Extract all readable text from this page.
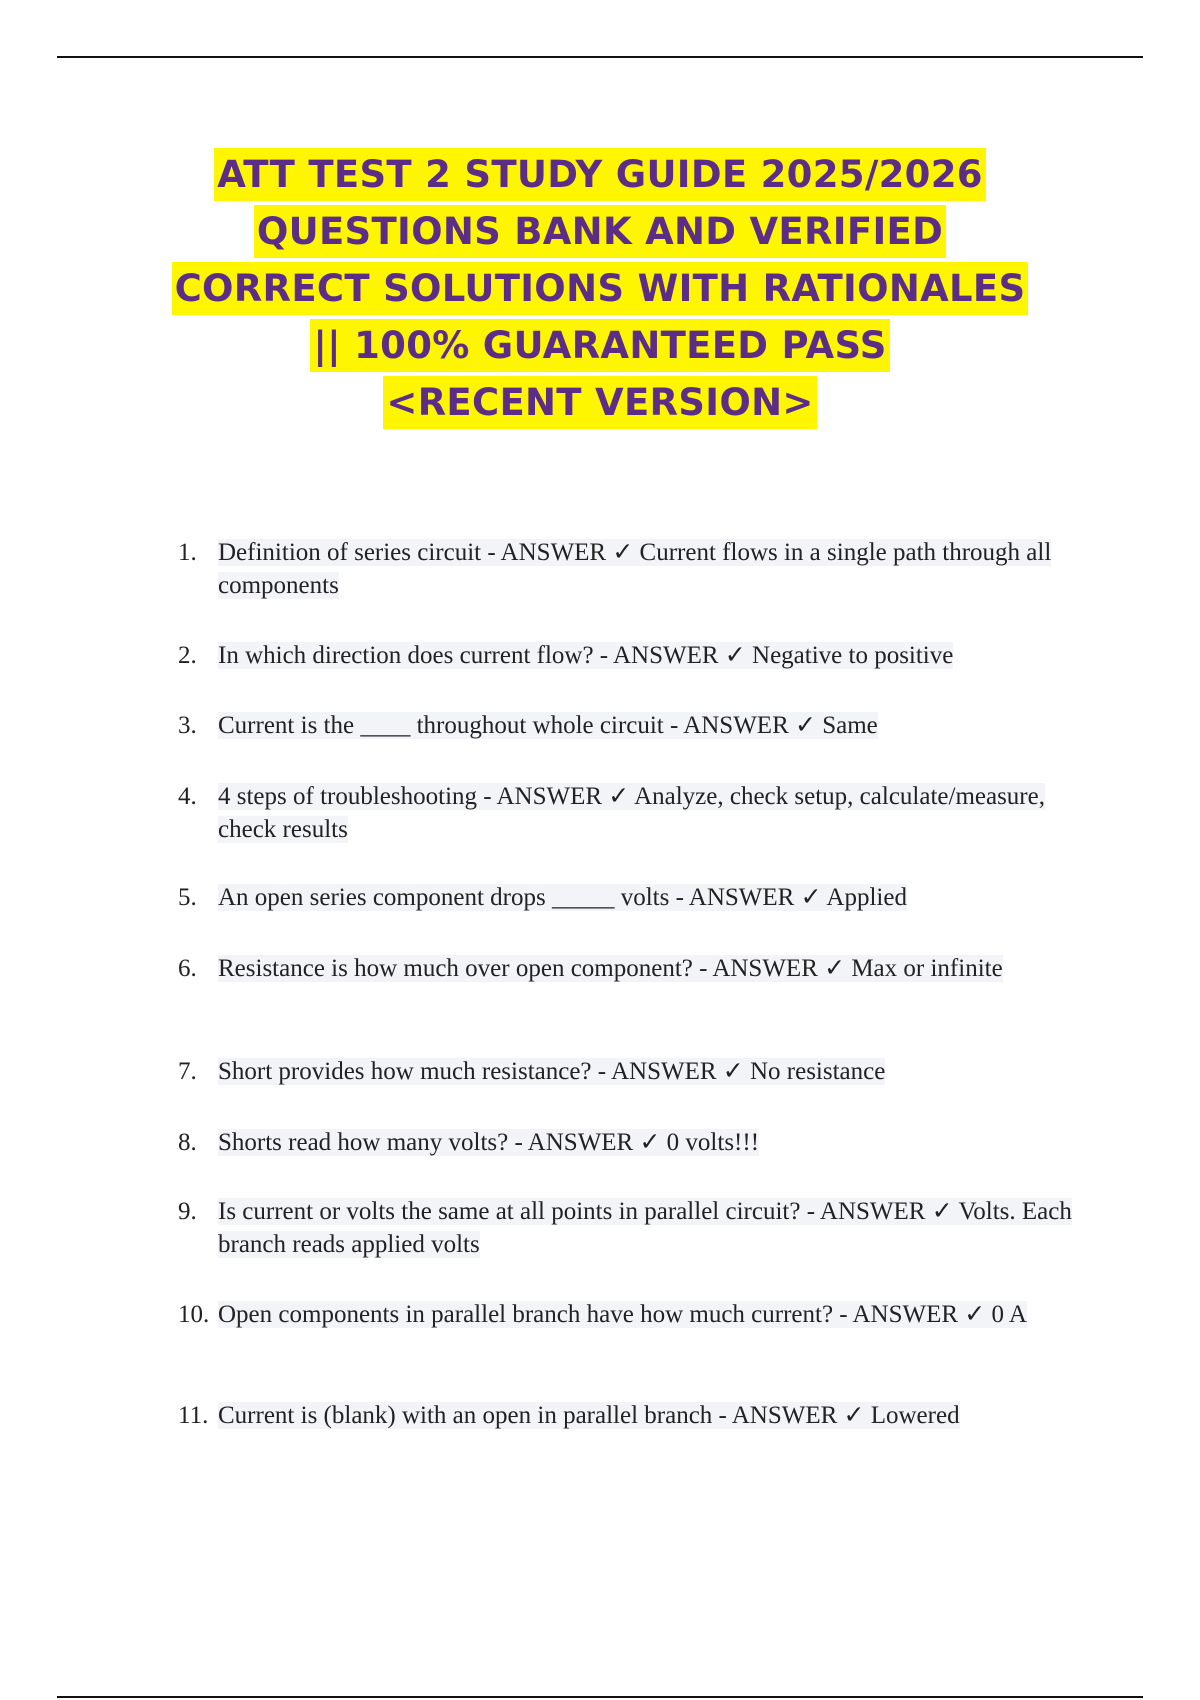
ATT TEST 2 STUDY GUIDE 2025/2026
QUESTIONS BANK AND VERIFIED
CORRECT SOLUTIONS WITH RATIONALES
|| 100% GUARANTEED PASS
<RECENT VERSION>
1. Definition of series circuit - ANSWER ✓ Current flows in a single path through all components
2. In which direction does current flow? - ANSWER ✓ Negative to positive
3. Current is the ____ throughout whole circuit - ANSWER ✓ Same
4. 4 steps of troubleshooting - ANSWER ✓ Analyze, check setup, calculate/measure, check results
5. An open series component drops _____ volts - ANSWER ✓ Applied
6. Resistance is how much over open component? - ANSWER ✓ Max or infinite
7. Short provides how much resistance? - ANSWER ✓ No resistance
8. Shorts read how many volts? - ANSWER ✓ 0 volts!!!
9. Is current or volts the same at all points in parallel circuit? - ANSWER ✓ Volts. Each branch reads applied volts
10. Open components in parallel branch have how much current? - ANSWER ✓ 0 A
11. Current is (blank) with an open in parallel branch - ANSWER ✓ Lowered
